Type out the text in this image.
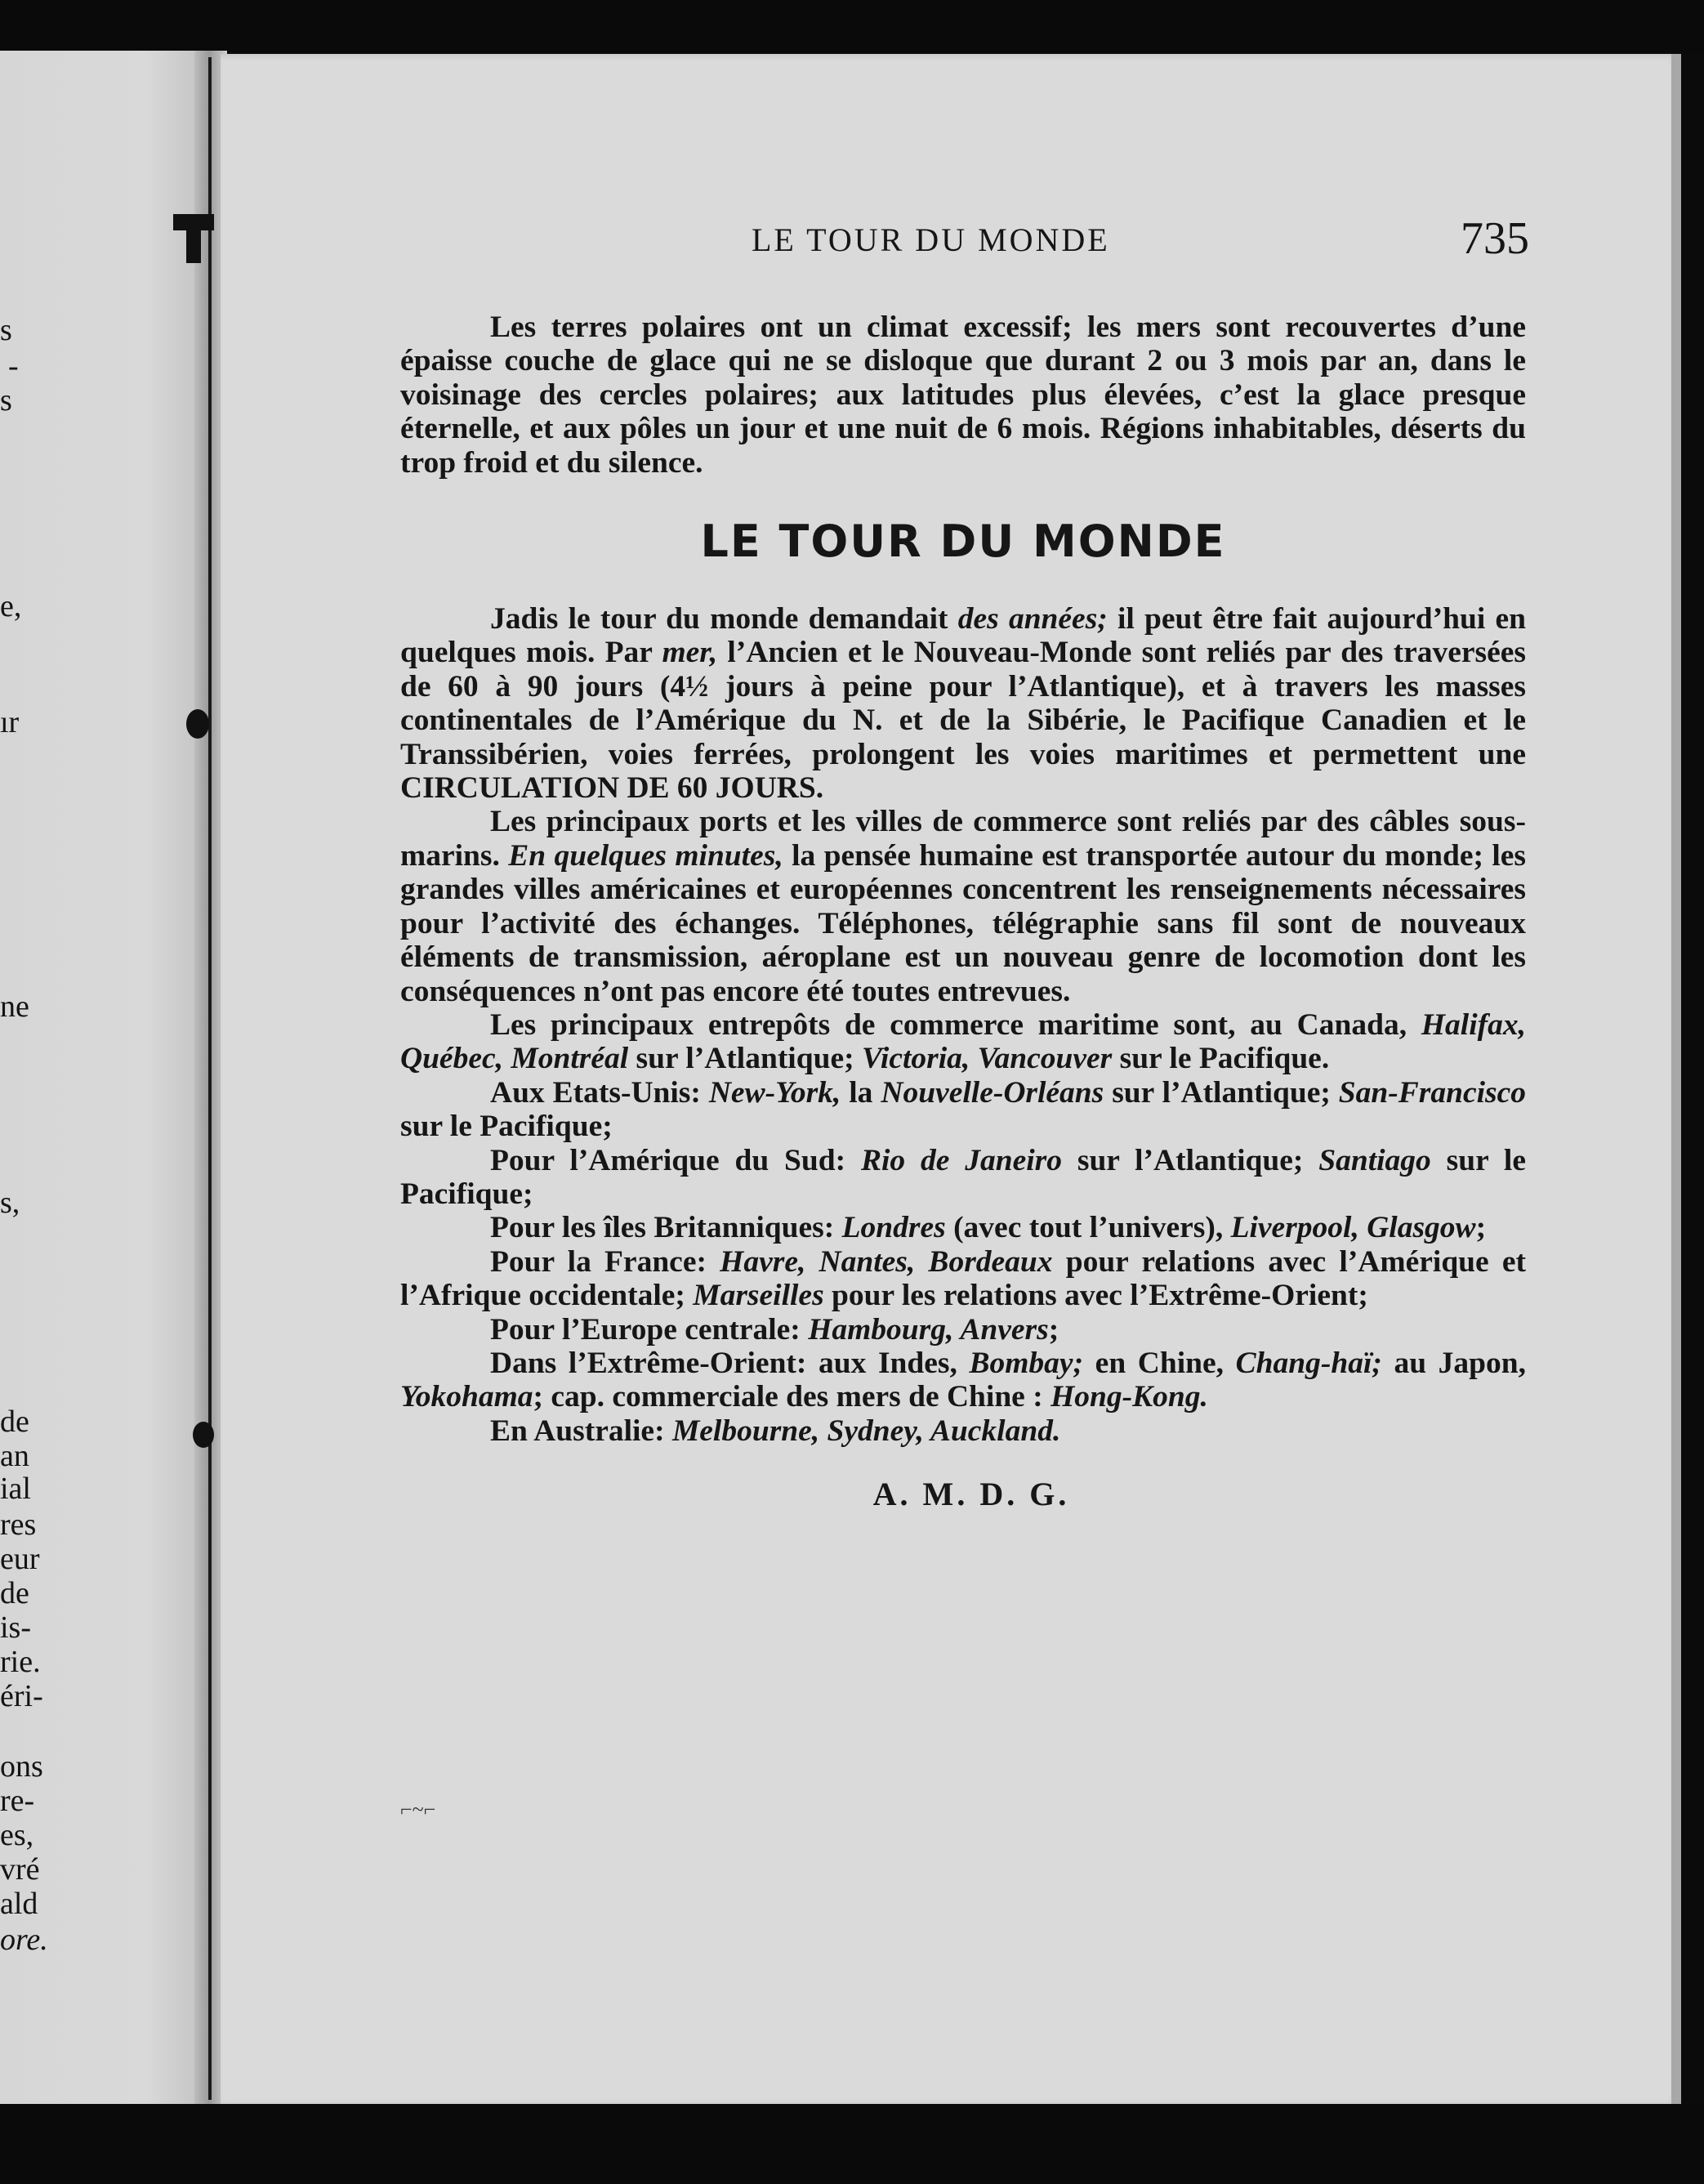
s
-
s
e,
ır
ne
s,
de
an
ial
res
eur
de
is-
rie.
éri-
ons
re-
es,
vré
ald
ore.
LE TOUR DU MONDE	735

Les terres polaires ont un climat excessif; les mers sont recouvertes d’une épaisse couche de glace qui ne se disloque que durant 2 ou 3 mois par an, dans le voisinage des cercles polaires; aux latitudes plus élevées, c’est la glace presque éternelle, et aux pôles un jour et une nuit de 6 mois. Régions inhabitables, déserts du trop froid et du silence.

LE TOUR DU MONDE

Jadis le tour du monde demandait des années; il peut être fait aujourd’hui en quelques mois. Par mer, l’Ancien et le Nouveau-Monde sont reliés par des traversées de 60 à 90 jours (4½ jours à peine pour l’Atlantique), et à travers les masses continentales de l’Amérique du N. et de la Sibérie, le Pacifique Canadien et le Transsibérien, voies ferrées, prolongent les voies maritimes et permettent une CIRCULATION DE 60 JOURS.

Les principaux ports et les villes de commerce sont reliés par des câbles sous-marins. En quelques minutes, la pensée humaine est transportée autour du monde; les grandes villes américaines et européennes concentrent les renseignements nécessaires pour l’activité des échanges. Téléphones, télégraphie sans fil sont de nouveaux éléments de transmission, aéroplane est un nouveau genre de locomotion dont les conséquences n’ont pas encore été toutes entrevues.

Les principaux entrepôts de commerce maritime sont, au Canada, Halifax, Québec, Montréal sur l’Atlantique; Victoria, Vancouver sur le Pacifique.

Aux Etats-Unis: New-York, la Nouvelle-Orléans sur l’Atlantique; San-Francisco sur le Pacifique;

Pour l’Amérique du Sud: Rio de Janeiro sur l’Atlantique; Santiago sur le Pacifique;

Pour les îles Britanniques: Londres (avec tout l’univers), Liverpool, Glasgow;

Pour la France: Havre, Nantes, Bordeaux pour relations avec l’Amérique et l’Afrique occidentale; Marseilles pour les relations avec l’Extrême-Orient;

Pour l’Europe centrale: Hambourg, Anvers;

Dans l’Extrême-Orient: aux Indes, Bombay; en Chine, Chang-haï; au Japon, Yokohama; cap. commerciale des mers de Chine : Hong-Kong.

En Australie: Melbourne, Sydney, Auckland.

A. M. D. G.
⌐~⌐
